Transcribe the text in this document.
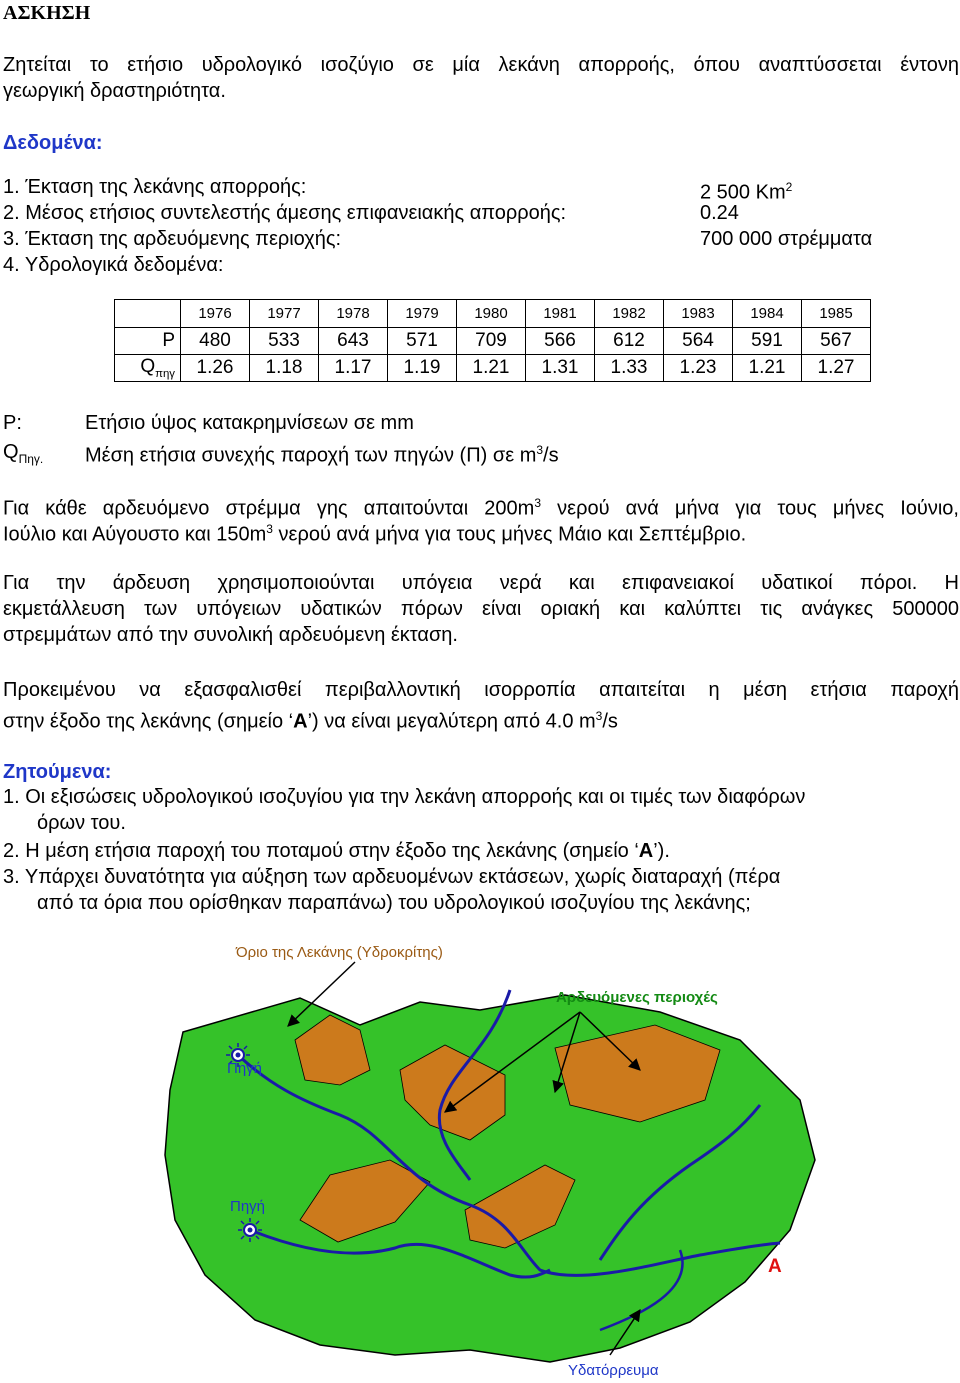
ΑΣΚΗΣΗ
Ζητείται το ετήσιο υδρολογικό ισοζύγιο σε μία λεκάνη απορροής, όπου αναπτύσσεται έντονη
γεωργική δραστηριότητα.
Δεδομένα:
1. Έκταση της λεκάνης απορροής:	2 500 Km$^2$
2. Μέσος ετήσιος συντελεστής άμεσης επιφανειακής απορροής:	0.24
3. Έκταση της αρδευόμενης περιοχής:	700 000 στρέμματα
4. Υδρολογικά δεδομένα:
	1976	1977	1978	1979	1980	1981	1982	1983	1984	1985
P	480	533	643	571	709	566	612	564	591	567
$Q_{\pi\eta\gamma}$	1.26	1.18	1.17	1.19	1.21	1.31	1.33	1.23	1.21	1.27
P:	Ετήσιο ύψος κατακρημνίσεων σε mm
$Q_{\Pi\eta\gamma.}$ Μέση ετήσια συνεχής παροχή των πηγών (Π) σε $m^3/s$
Για κάθε αρδευόμενο στρέμμα γης απαιτούνται $200m^3$ νερού ανά μήνα για τους μήνες Ιούνιο,
Ιούλιο και Αύγουστο και $150m^3$ νερού ανά μήνα για τους μήνες Μάιο και Σεπτέμβριο.
Για την άρδευση χρησιμοποιούνται υπόγεια νερά και επιφανειακοί υδατικοί πόροι. Η
εκμετάλλευση των υπόγειων υδατικών πόρων είναι οριακή και καλύπτει τις ανάγκες 500000
στρεμμάτων από την συνολική αρδευόμενη έκταση.
Προκειμένου να εξασφαλισθεί περιβαλλοντική ισορροπία απαιτείται η μέση ετήσια παροχή
στην έξοδο της λεκάνης (σημείο ‘Α’) να είναι μεγαλύτερη από 4.0 $m^3/s$
Ζητούμενα:
1. Οι εξισώσεις υδρολογικού ισοζυγίου για την λεκάνη απορροής και οι τιμές των διαφόρων
όρων του.
2. Η μέση ετήσια παροχή του ποταμού στην έξοδο της λεκάνης (σημείο ‘Α’).
3. Υπάρχει δυνατότητα για αύξηση των αρδευομένων εκτάσεων, χωρίς διαταραχή (πέρα
από τα όρια που ορίσθηκαν παραπάνω) του υδρολογικού ισοζυγίου της λεκάνης;
Όριο της Λεκάνης (Υδροκρίτης)
Αρδευόμενες περιοχές
Πηγή
Πηγή
Α
Υδατόρρευμα
